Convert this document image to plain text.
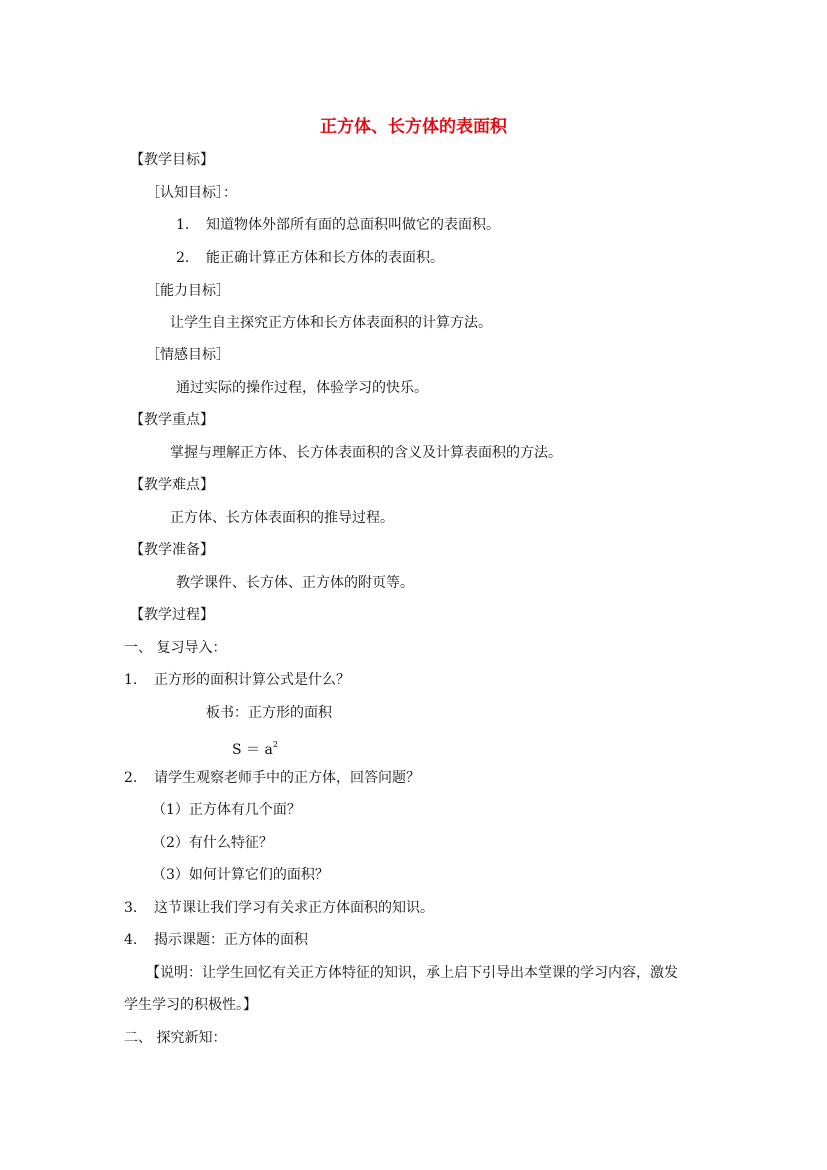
正方体、长方体的表面积
【教学目标】
［认知目标］：
1. 知道物体外部所有面的总面积叫做它的表面积。
2. 能正确计算正方体和长方体的表面积。
［能力目标］
让学生自主探究正方体和长方体表面积的计算方法。
［情感目标］
通过实际的操作过程，体验学习的快乐。
【教学重点】
掌握与理解正方体、长方体表面积的含义及计算表面积的方法。
【教学难点】
正方体、长方体表面积的推导过程。
【教学准备】
教学课件、长方体、正方体的附页等。
【教学过程】
一、 复习导入：
1. 正方形的面积计算公式是什么？
板书：正方形的面积
$S = a^2$
2. 请学生观察老师手中的正方体，回答问题？
（1）正方体有几个面？
（2）有什么特征？
（3）如何计算它们的面积？
3. 这节课让我们学习有关求正方体面积的知识。
4. 揭示课题：正方体的面积
【说明：让学生回忆有关正方体特征的知识，承上启下引导出本堂课的学习内容，激发
学生学习的积极性。】
二、 探究新知：
